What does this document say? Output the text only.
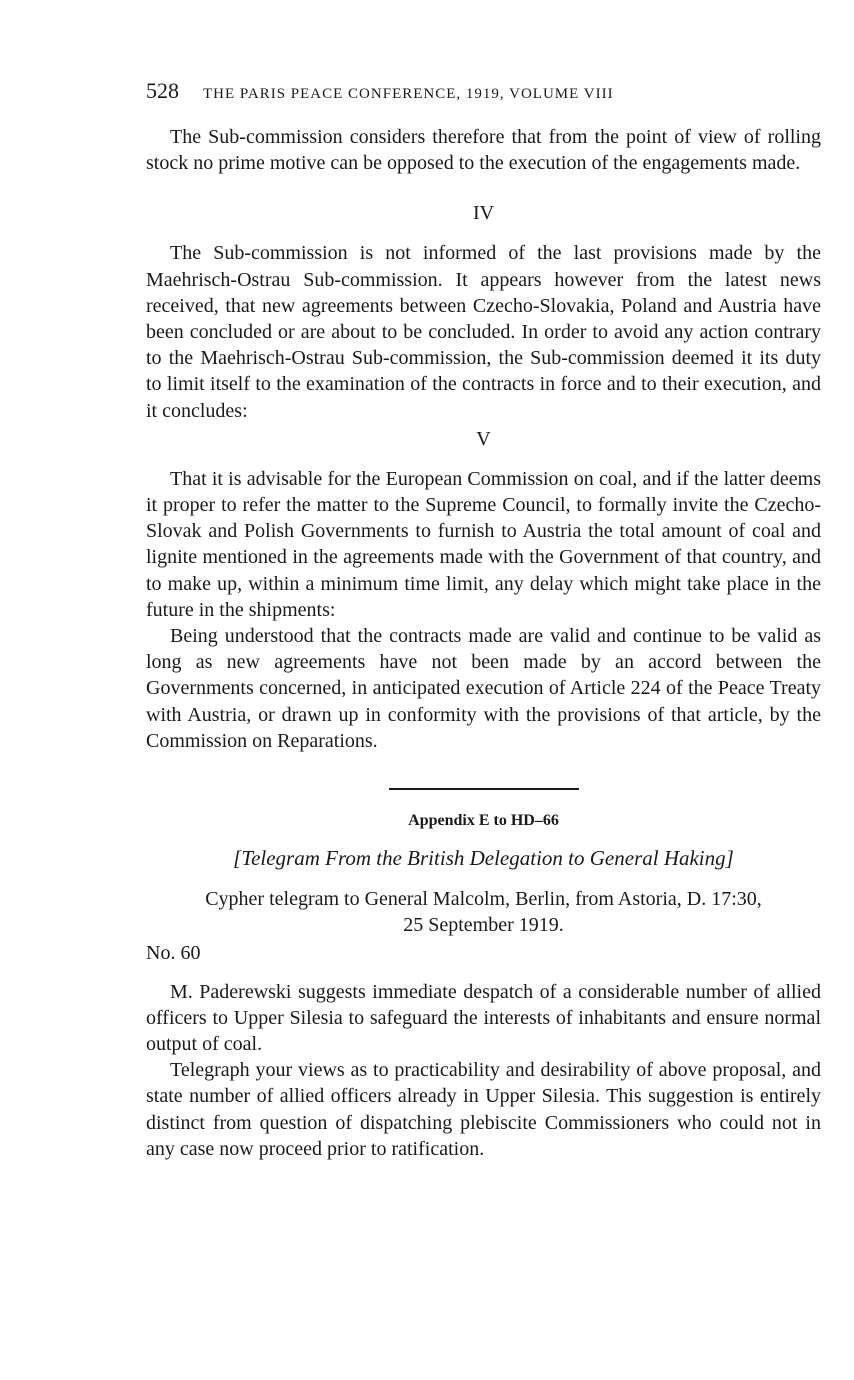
528 THE PARIS PEACE CONFERENCE, 1919, VOLUME VIII

The Sub-commission considers therefore that from the point of view of rolling stock no prime motive can be opposed to the execution of the engagements made.

IV

The Sub-commission is not informed of the last provisions made by the Maehrisch-Ostrau Sub-commission. It appears however from the latest news received, that new agreements between Czecho-Slovakia, Poland and Austria have been concluded or are about to be concluded. In order to avoid any action contrary to the Maehrisch-Ostrau Sub-commission, the Sub-commission deemed it its duty to limit itself to the examination of the contracts in force and to their execution, and it concludes:

V

That it is advisable for the European Commission on coal, and if the latter deems it proper to refer the matter to the Supreme Council, to formally invite the Czecho-Slovak and Polish Governments to furnish to Austria the total amount of coal and lignite mentioned in the agreements made with the Government of that country, and to make up, within a minimum time limit, any delay which might take place in the future in the shipments:

Being understood that the contracts made are valid and continue to be valid as long as new agreements have not been made by an accord between the Governments concerned, in anticipated execution of Article 224 of the Peace Treaty with Austria, or drawn up in conformity with the provisions of that article, by the Commission on Reparations.

Appendix E to HD–66
[Telegram From the British Delegation to General Haking]
Cypher telegram to General Malcolm, Berlin, from Astoria, D. 17:30,
25 September 1919.
No. 60

M. Paderewski suggests immediate despatch of a considerable number of allied officers to Upper Silesia to safeguard the interests of inhabitants and ensure normal output of coal.

Telegraph your views as to practicability and desirability of above proposal, and state number of allied officers already in Upper Silesia. This suggestion is entirely distinct from question of dispatching plebiscite Commissioners who could not in any case now proceed prior to ratification.
